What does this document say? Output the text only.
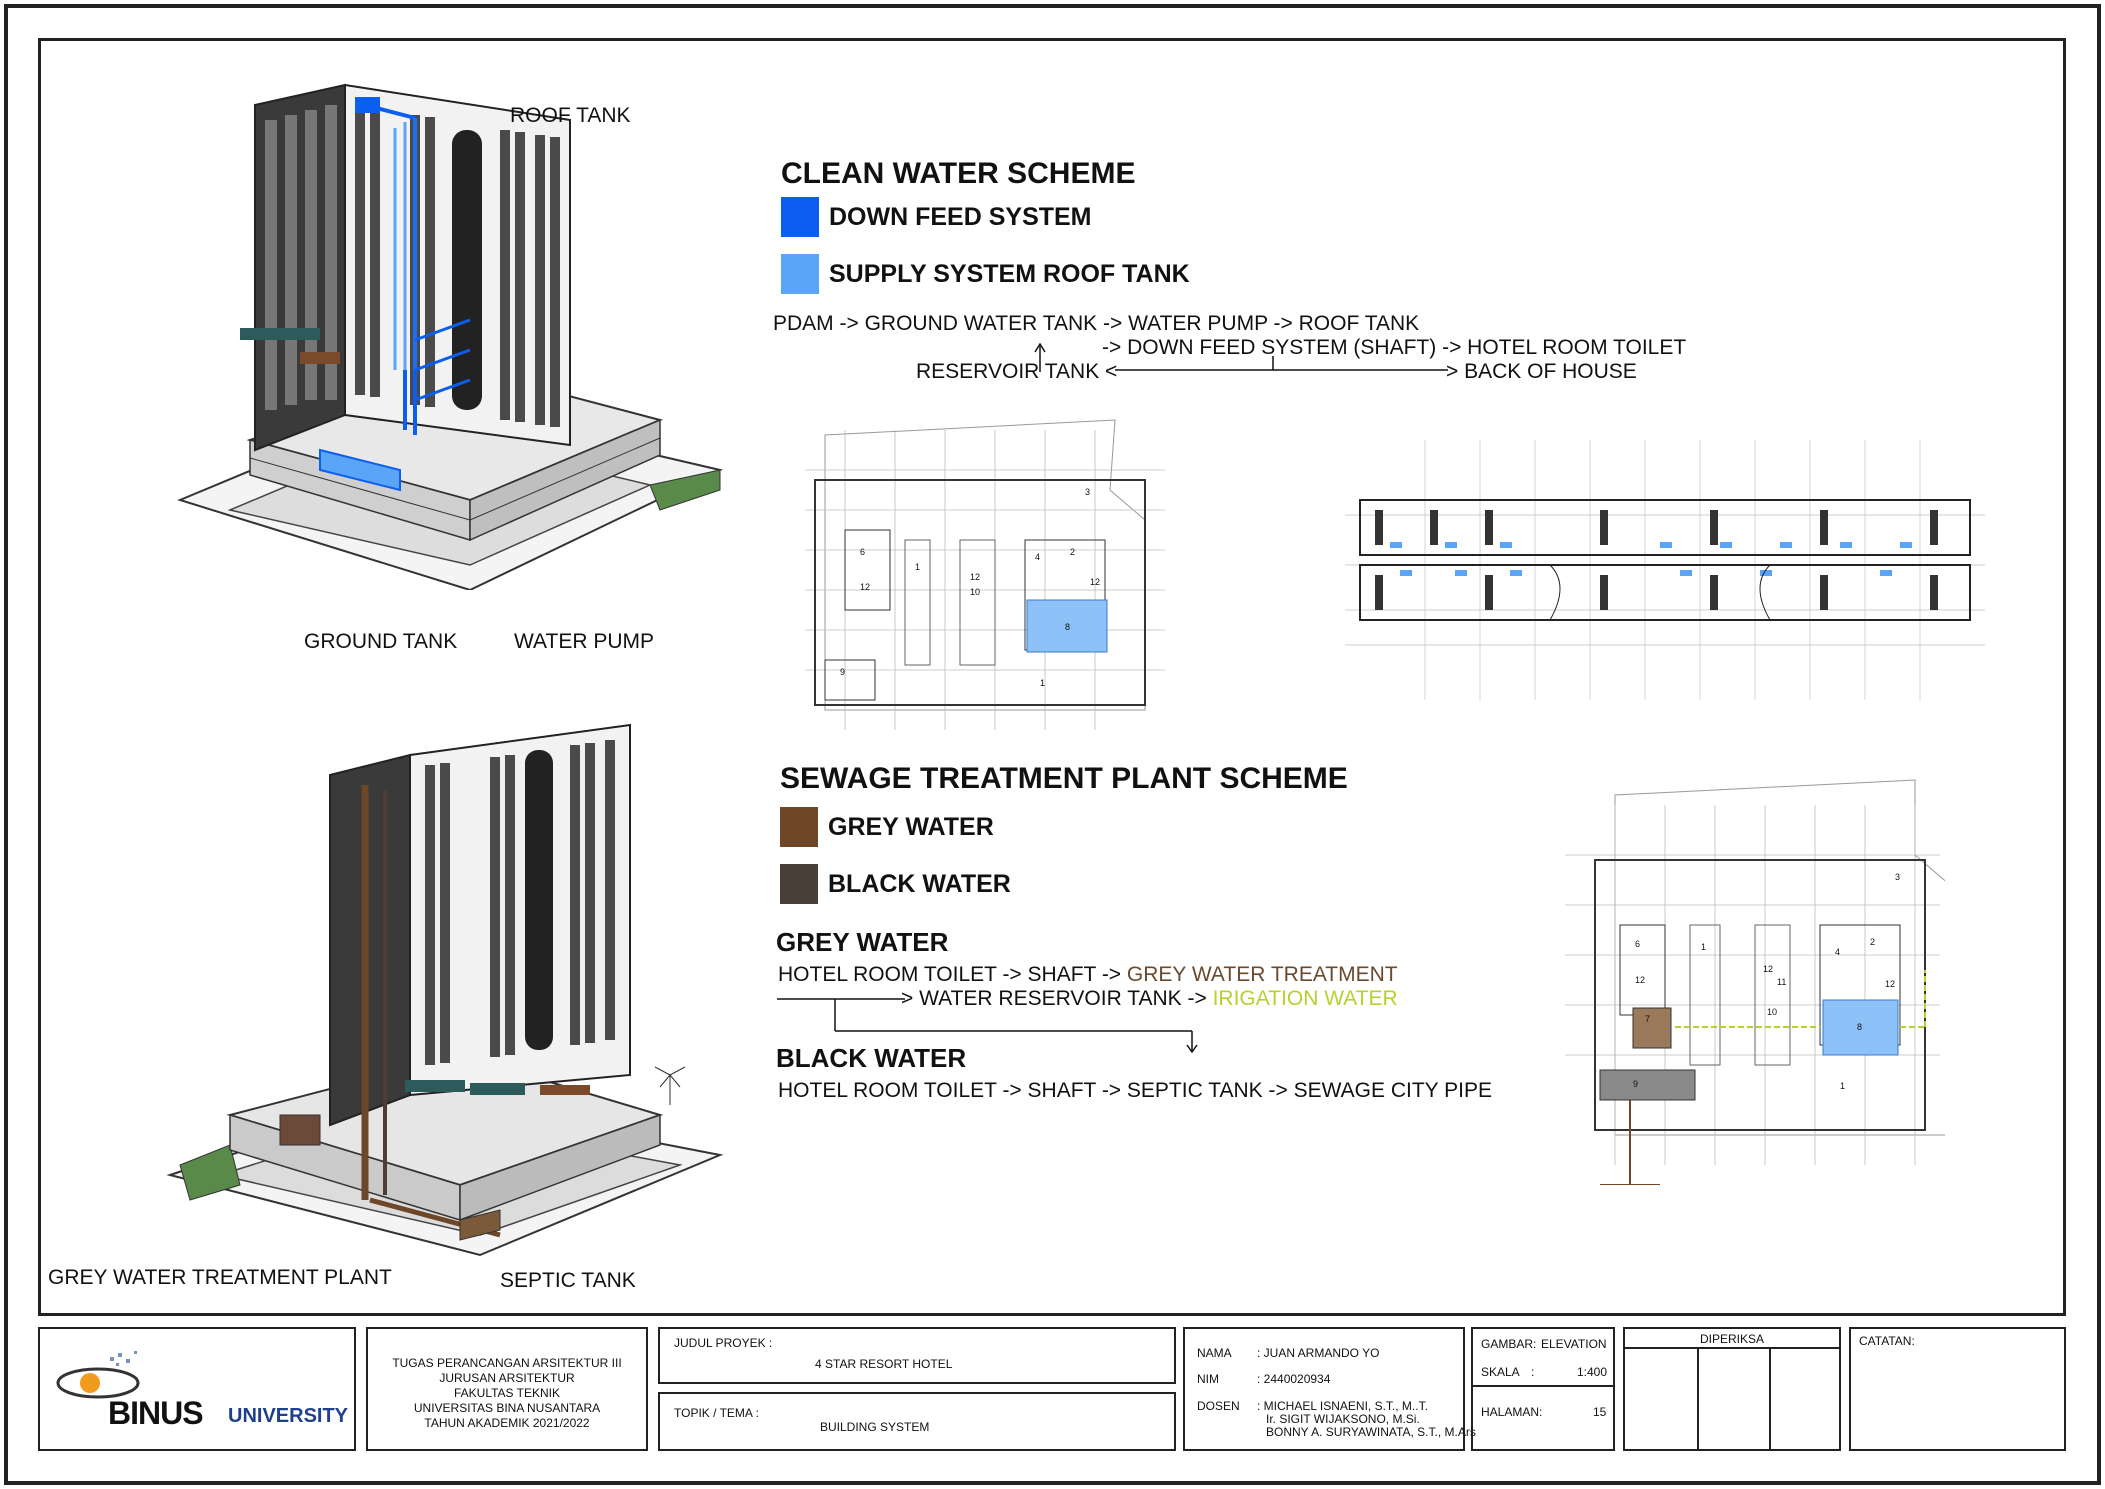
ROOF TANK
GROUND TANK	WATER PUMP
GREY WATER TREATMENT PLANT	SEPTIC TANK
CLEAN WATER SCHEME
DOWN FEED SYSTEM
SUPPLY SYSTEM ROOF TANK
PDAM -> GROUND WATER TANK -> WATER PUMP -> ROOF TANK
-> DOWN FEED SYSTEM (SHAFT) -> HOTEL ROOM TOILET
RESERVOIR TANK <	> BACK OF HOUSE
3
6
12
1
12
10
4	2
12
8
9
1
SEWAGE TREATMENT PLANT SCHEME
GREY WATER
BLACK WATER
GREY WATER
HOTEL ROOM TOILET -> SHAFT -> GREY WATER TREATMENT
> WATER RESERVOIR TANK -> IRIGATION WATER
BLACK WATER
HOTEL ROOM TOILET -> SHAFT -> SEPTIC TANK -> SEWAGE CITY PIPE
3
6
12
1
12
11
10
4
2
12
7
8
9	1
BINUS UNIVERSITY
TUGAS PERANCANGAN ARSITEKTUR III
JURUSAN ARSITEKTUR
FAKULTAS TEKNIK
UNIVERSITAS BINA NUSANTARA
TAHUN AKADEMIK 2021/2022
JUDUL PROYEK :
4 STAR RESORT HOTEL
TOPIK / TEMA :
BUILDING SYSTEM
NAMA : JUAN ARMANDO YO
NIM	: 2440020934
DOSEN : MICHAEL ISNAENI, S.T., M..T.
Ir. SIGIT WIJAKSONO, M.Si.
BONNY A. SURYAWINATA, S.T., M.Ars
GAMBAR: ELEVATION
SKALA :	1:400
HALAMAN:	15
DIPERIKSA	CATATAN:
